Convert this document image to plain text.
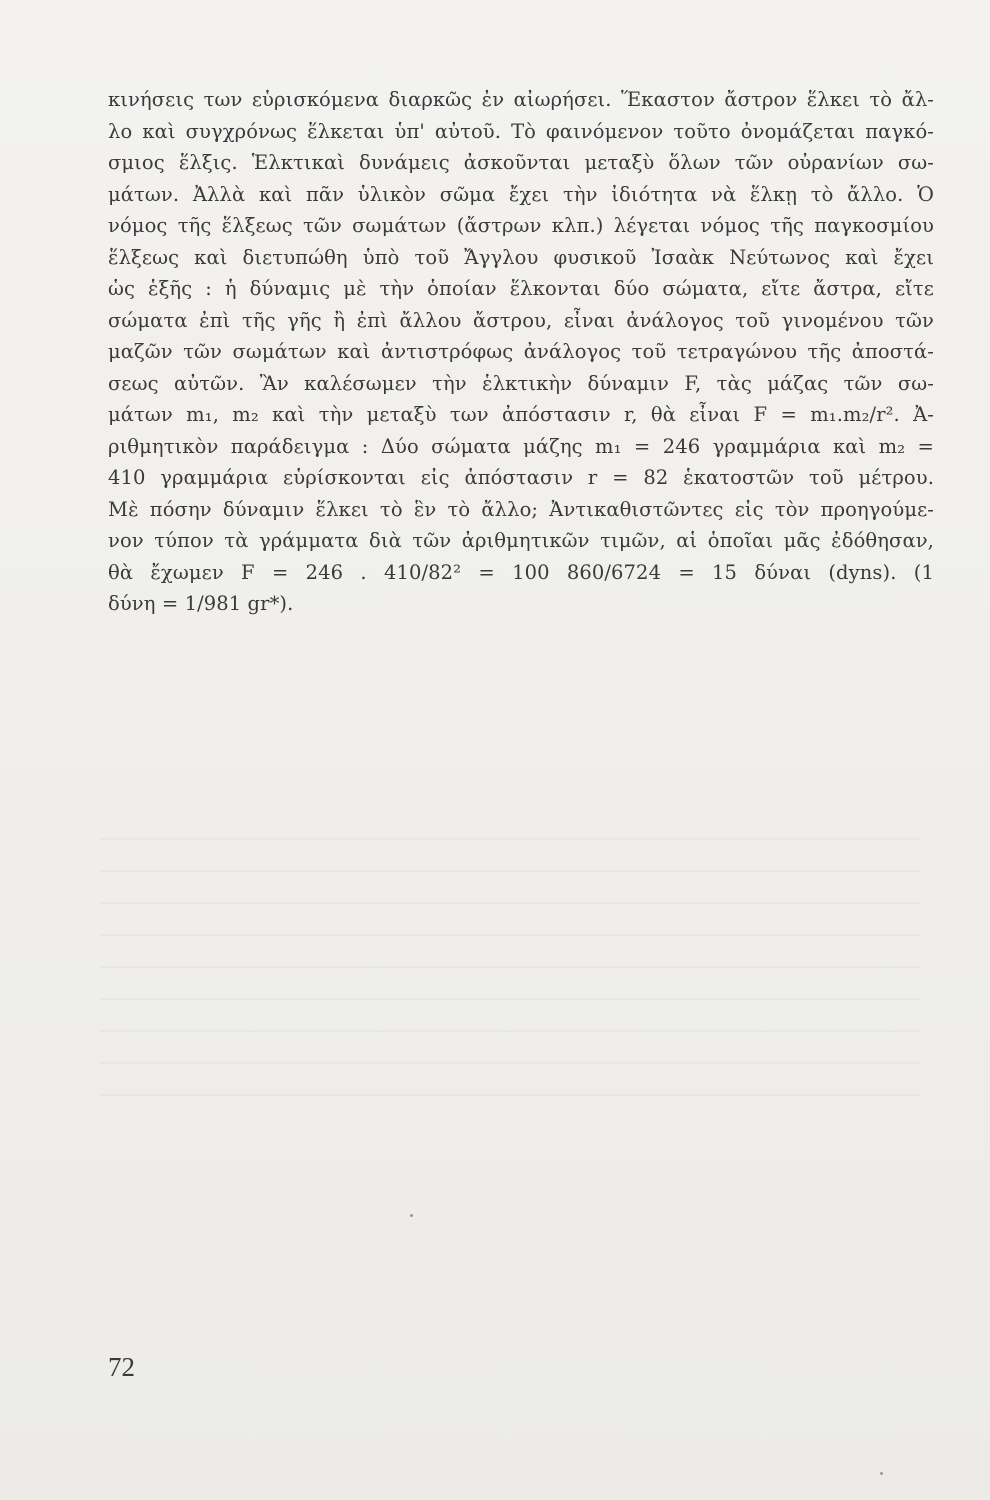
κινήσεις των εὑρισκόμενα διαρκῶς ἐν αἰωρήσει. Ἕκαστον ἄστρον ἕλκει τὸ ἄλ-
λο καὶ συγχρόνως ἕλκεται ὑπ' αὐτοῦ. Τὸ φαινόμενον τοῦτο ὀνομάζεται παγκό-
σμιος ἕλξις. Ἑλκτικαὶ δυνάμεις ἀσκοῦνται μεταξὺ ὅλων τῶν οὐρανίων σω-
μάτων. Ἀλλὰ καὶ πᾶν ὑλικὸν σῶμα ἔχει τὴν ἰδιότητα νὰ ἕλκῃ τὸ ἄλλο. Ὁ
νόμος τῆς ἕλξεως τῶν σωμάτων (ἄστρων κλπ.) λέγεται νόμος τῆς παγκοσμίου
ἕλξεως καὶ διετυπώθη ὑπὸ τοῦ Ἄγγλου φυσικοῦ Ἰσαὰκ Νεύτωνος καὶ ἔχει
ὡς ἑξῆς : ἡ δύναμις μὲ τὴν ὁποίαν ἕλκονται δύο σώματα, εἴτε ἄστρα, εἴτε
σώματα ἐπὶ τῆς γῆς ἢ ἐπὶ ἄλλου ἄστρου, εἶναι ἀνάλογος τοῦ γινομένου τῶν
μαζῶν τῶν σωμάτων καὶ ἀντιστρόφως ἀνάλογος τοῦ τετραγώνου τῆς ἀποστά-
σεως αὐτῶν. Ἂν καλέσωμεν τὴν ἑλκτικὴν δύναμιν F, τὰς μάζας τῶν σω-
μάτων m₁, m₂ καὶ τὴν μεταξὺ των ἀπόστασιν r, θὰ εἶναι F = m₁.m₂/r². Ἀ-
ριθμητικὸν παράδειγμα : Δύο σώματα μάζης m₁ = 246 γραμμάρια καὶ m₂ =
410 γραμμάρια εὑρίσκονται εἰς ἀπόστασιν r = 82 ἑκατοστῶν τοῦ μέτρου.
Μὲ πόσην δύναμιν ἕλκει τὸ ἓν τὸ ἄλλο; Ἀντικαθιστῶντες εἰς τὸν προηγούμε-
νον τύπον τὰ γράμματα διὰ τῶν ἀριθμητικῶν τιμῶν, αἱ ὁποῖαι μᾶς ἐδόθησαν,
θὰ ἔχωμεν F = 246 . 410/82² = 100 860/6724 = 15 δύναι (dyns). (1
δύνη = 1/981 gr*).
72
